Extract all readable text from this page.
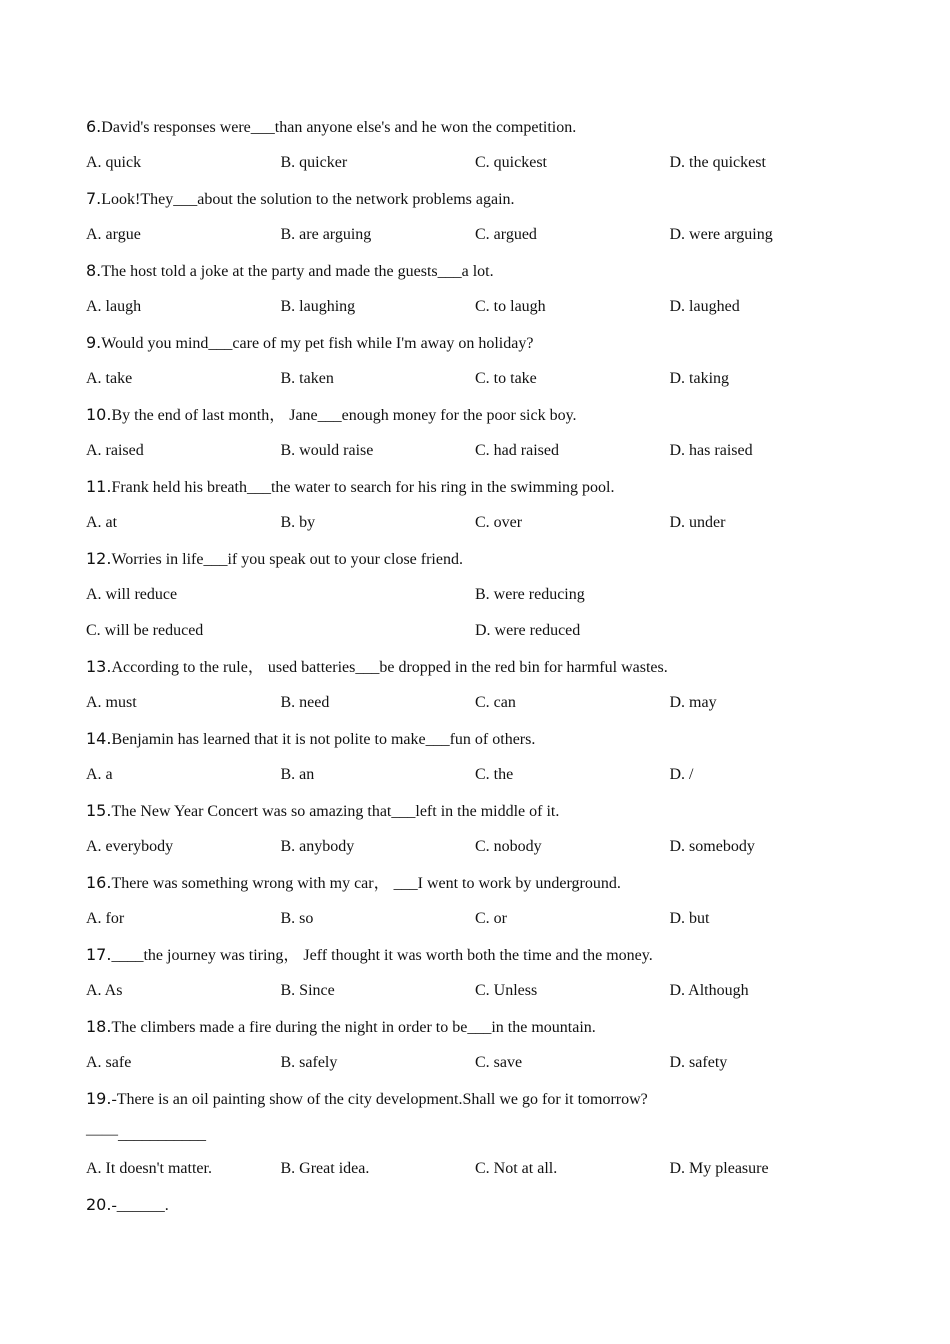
6.David's responses were___than anyone else's and he won the competition.
A. quick	B. quicker	C. quickest	D. the quickest
7.Look!They___about the solution to the network problems again.
A. argue	B. are arguing	C. argued	D. were arguing
8.The host told a joke at the party and made the guests___a lot.
A. laugh	B. laughing	C. to laugh	D. laughed
9.Would you mind___care of my pet fish while I'm away on holiday?
A. take	B. taken	C. to take	D. taking
10.By the end of last month， Jane___enough money for the poor sick boy.
A. raised	B. would raise	C. had raised	D. has raised
11.Frank held his breath___the water to search for his ring in the swimming pool.
A. at	B. by	C. over	D. under
12.Worries in life___if you speak out to your close friend.
A. will reduce	B. were reducing
C. will be reduced	D. were reduced
13.According to the rule， used batteries___be dropped in the red bin for harmful wastes.
A. must	B. need	C. can	D. may
14.Benjamin has learned that it is not polite to make___fun of others.
A. a	B. an	C. the	D. /
15.The New Year Concert was so amazing that___left in the middle of it.
A. everybody	B. anybody	C. nobody	D. somebody
16.There was something wrong with my car， ___I went to work by underground.
A. for	B. so	C. or	D. but
17.____the journey was tiring， Jeff thought it was worth both the time and the money.
A. As	B. Since	C. Unless	D. Although
18.The climbers made a fire during the night in order to be___in the mountain.
A. safe	B. safely	C. save	D. safety
19.-There is an oil painting show of the city development.Shall we go for it tomorrow?
——___________
A. It doesn't matter.	B. Great idea.	C. Not at all.	D. My pleasure
20.-______.
